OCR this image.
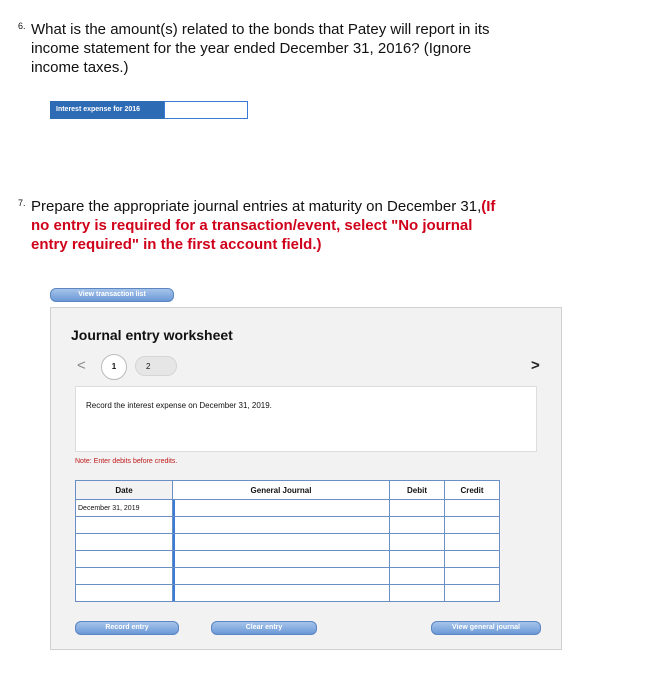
6. What is the amount(s) related to the bonds that Patey will report in its income statement for the year ended December 31, 2016? (Ignore income taxes.)
Interest expense for 2016
7. Prepare the appropriate journal entries at maturity on December 31,(If no entry is required for a transaction/event, select "No journal entry required" in the first account field.)
View transaction list
Journal entry worksheet
<	2
1	>
Record the interest expense on December 31, 2019.
Note: Enter debits before credits.
Date	General Journal	Debit	Credit
December 31, 2019	

Record entry	Clear entry	View general journal
